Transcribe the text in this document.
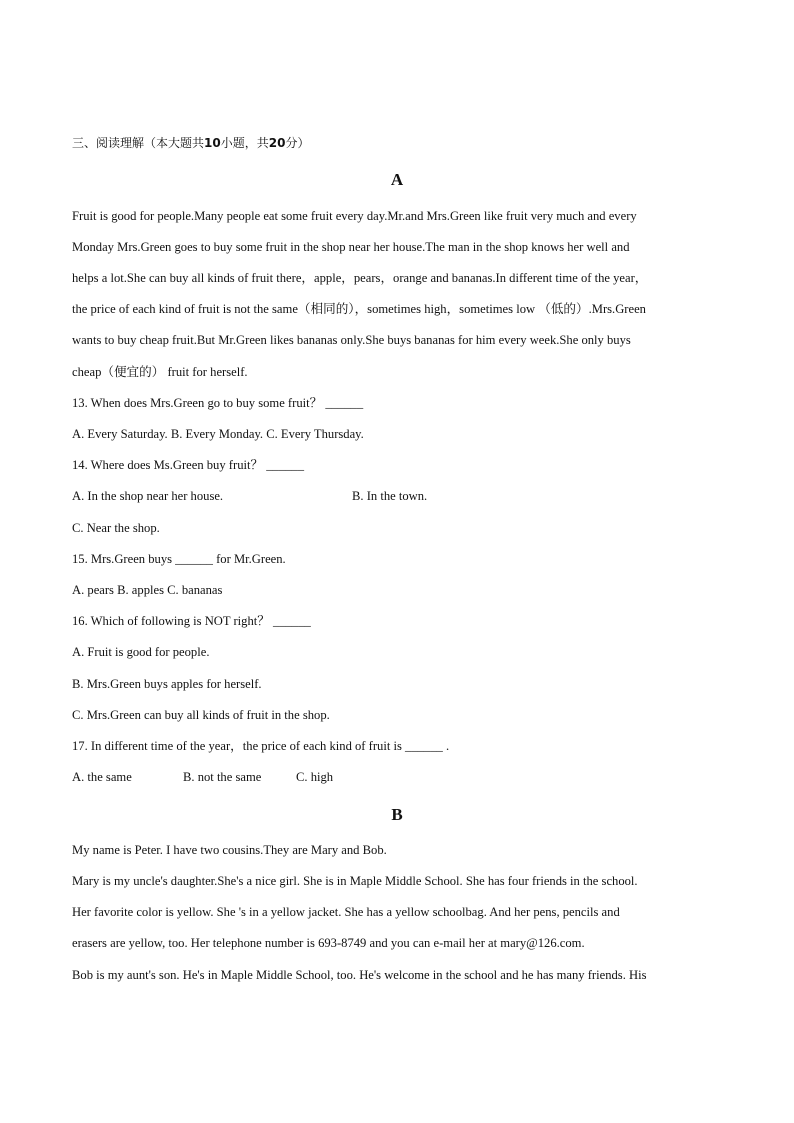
三、阅读理解（本大题共10小题，共20分）
A
Fruit is good for people.Many people eat some fruit every day.Mr.and Mrs.Green like fruit very much and every
Monday Mrs.Green goes to buy some fruit in the shop near her house.The man in the shop knows her well and
helps a lot.She can buy all kinds of fruit there，apple，pears，orange and bananas.In different time of the year，
the price of each kind of fruit is not the same（相同的），sometimes high，sometimes low （低的）.Mrs.Green
wants to buy cheap fruit.But Mr.Green likes bananas only.She buys bananas for him every week.She only buys
cheap（便宜的） fruit for herself.
13. When does Mrs.Green go to buy some fruit？ ______
A. Every Saturday. B. Every Monday. C. Every Thursday.
14. Where does Ms.Green buy fruit？ ______
A. In the shop near her house.	B. In the town.
C. Near the shop.
15. Mrs.Green buys ______ for Mr.Green.
A. pears B. apples C. bananas
16. Which of following is NOT right？ ______
A. Fruit is good for people.
B. Mrs.Green buys apples for herself.
C. Mrs.Green can buy all kinds of fruit in the shop.
17. In different time of the year，the price of each kind of fruit is ______ .
A. the same	B. not the same	C. high
B
My name is Peter. I have two cousins.They are Mary and Bob.
Mary is my uncle's daughter.She's a nice girl. She is in Maple Middle School. She has four friends in the school.
Her favorite color is yellow. She 's in a yellow jacket. She has a yellow schoolbag. And her pens, pencils and
erasers are yellow, too. Her telephone number is 693-8749 and you can e-mail her at mary@126.com.
Bob is my aunt's son. He's in Maple Middle School, too. He's welcome in the school and he has many friends. His
